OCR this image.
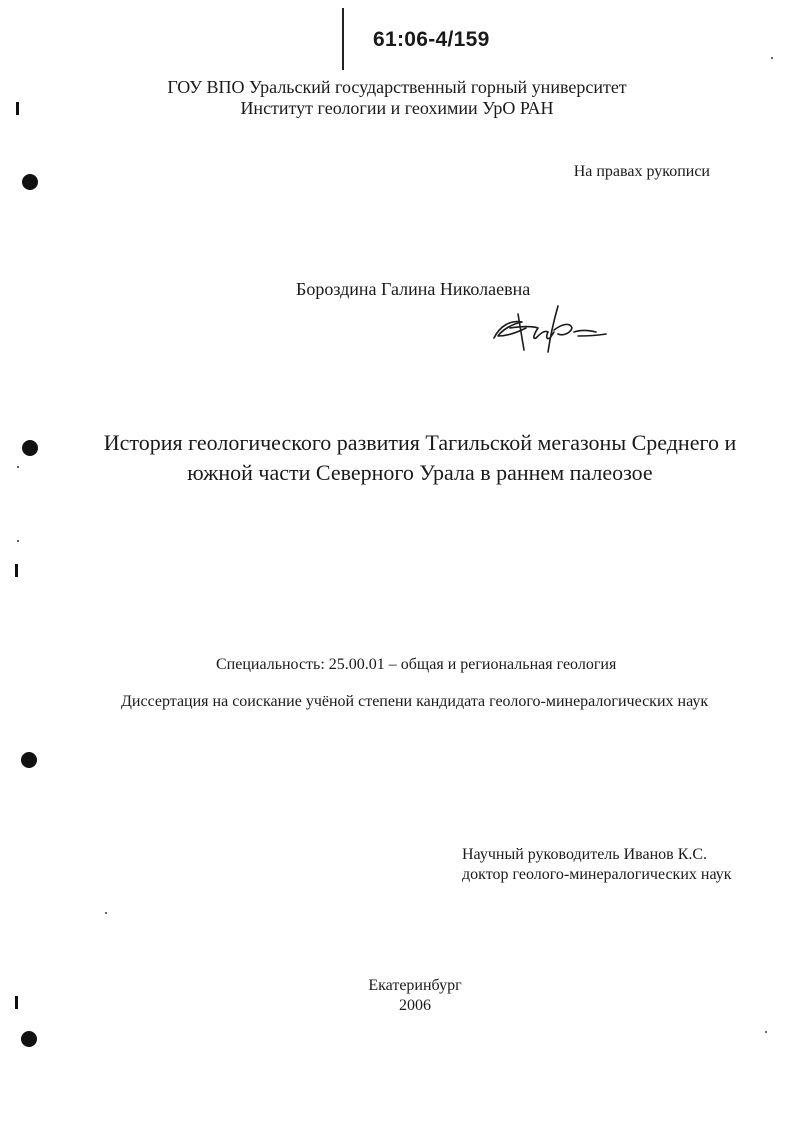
61:06-4/159
ГОУ ВПО Уральский государственный горный университет
Институт геологии и геохимии УрО РАН
На правах рукописи
Бороздина Галина Николаевна
История геологического развития Тагильской мегазоны Среднего и
южной части Северного Урала в раннем палеозое
Специальность: 25.00.01 – общая и региональная геология
Диссертация на соискание учёной степени кандидата геолого-минералогических наук
Научный руководитель Иванов К.С.
доктор геолого-минералогических наук
Екатеринбург
2006
